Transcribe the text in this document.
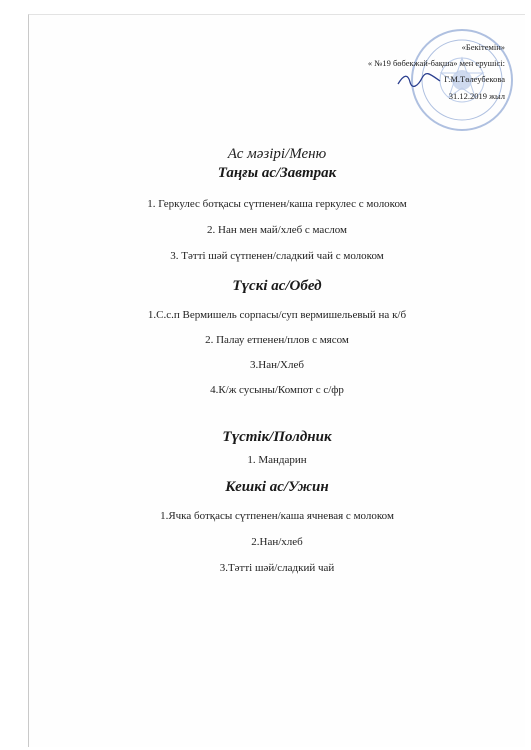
«Бекітемін»
« №19 бөбекжай-бақша» мен ерушісі:
Г.М.Төлеубекова
31.12.2019 жыл
Ас мәзірі/Меню
Таңғы ас/Завтрак
1. Геркулес ботқасы сүтпенен/каша геркулес с молоком
2. Нан мен май/хлеб с маслом
3. Тәтті шәй сүтпенен/сладкий чай с молоком
Түскі ас/Обед
1.С.с.п Вермишель сорпасы/суп вермишельевый на к/б
2. Палау етпенен/плов с мясом
3.Нан/Хлеб
4.К/ж сусыны/Компот с с/фр
Түстік/Полдник
1. Мандарин
Кешкі ас/Ужин
1.Ячка ботқасы сүтпенен/каша ячневая с молоком
2.Нан/хлеб
3.Тәтті шәй/сладкий чай
